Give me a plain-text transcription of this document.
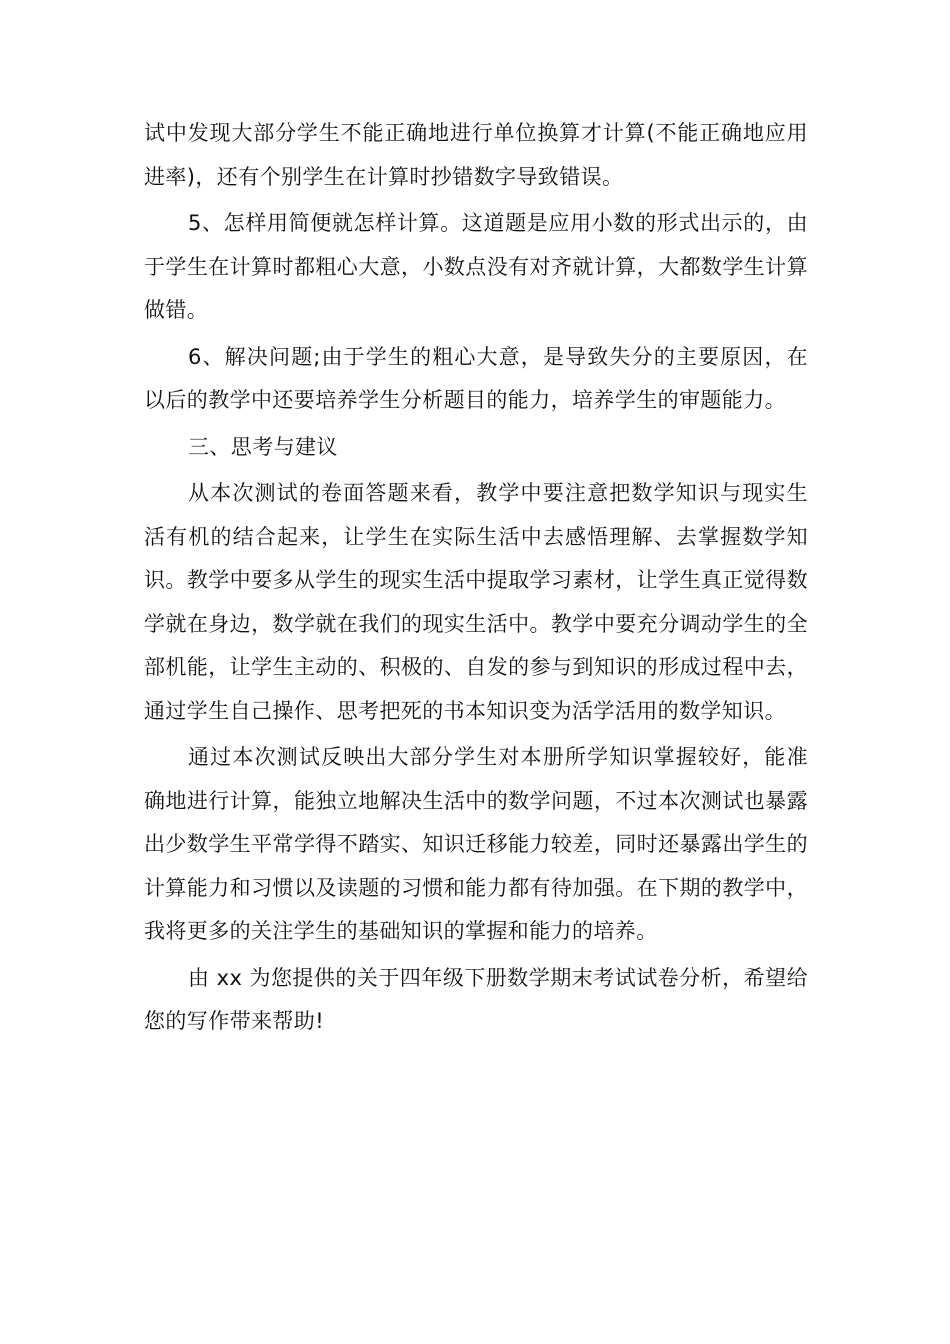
试中发现大部分学生不能正确地进行单位换算才计算(不能正确地应用进率)，还有个别学生在计算时抄错数字导致错误。

5、怎样用简便就怎样计算。这道题是应用小数的形式出示的，由于学生在计算时都粗心大意，小数点没有对齐就计算，大都数学生计算做错。

6、解决问题;由于学生的粗心大意，是导致失分的主要原因，在以后的教学中还要培养学生分析题目的能力，培养学生的审题能力。

三、思考与建议

从本次测试的卷面答题来看，教学中要注意把数学知识与现实生活有机的结合起来，让学生在实际生活中去感悟理解、去掌握数学知识。教学中要多从学生的现实生活中提取学习素材，让学生真正觉得数学就在身边，数学就在我们的现实生活中。教学中要充分调动学生的全部机能，让学生主动的、积极的、自发的参与到知识的形成过程中去，通过学生自己操作、思考把死的书本知识变为活学活用的数学知识。

通过本次测试反映出大部分学生对本册所学知识掌握较好，能准确地进行计算，能独立地解决生活中的数学问题，不过本次测试也暴露出少数学生平常学得不踏实、知识迁移能力较差，同时还暴露出学生的计算能力和习惯以及读题的习惯和能力都有待加强。在下期的教学中，我将更多的关注学生的基础知识的掌握和能力的培养。

由 xx 为您提供的关于四年级下册数学期末考试试卷分析，希望给您的写作带来帮助!
